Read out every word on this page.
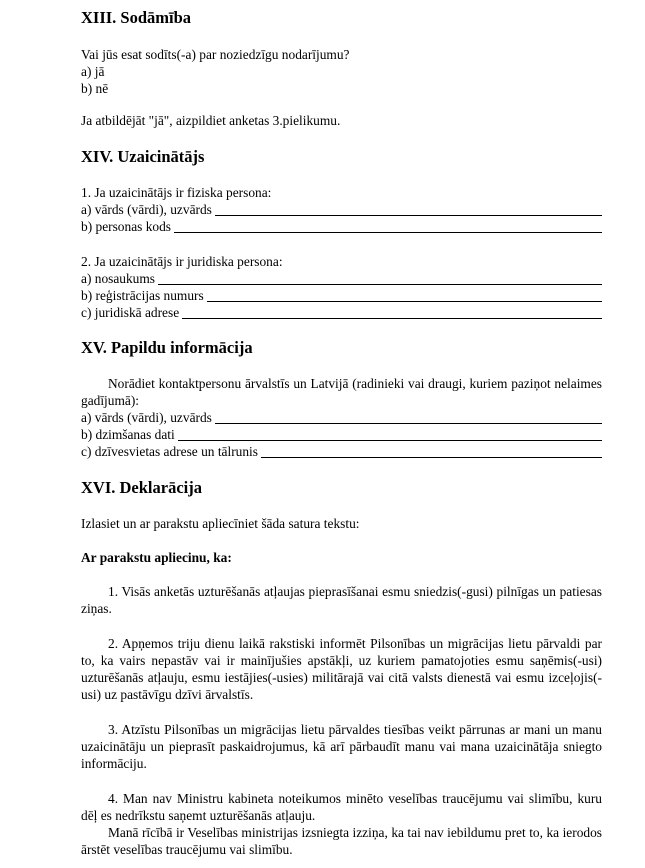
XIII. Sodāmība

Vai jūs esat sodīts(-a) par noziedzīgu nodarījumu?

a) jā

b) nē

Ja atbildējāt "jā", aizpildiet anketas 3.pielikumu.

XIV. Uzaicinātājs

1. Ja uzaicinātājs ir fiziska persona:

a) vārds (vārdi), uzvārds
b) personas kods

2. Ja uzaicinātājs ir juridiska persona:

a) nosaukums
b) reģistrācijas numurs
c) juridiskā adrese
XV. Papildu informācija

Norādiet kontaktpersonu ārvalstīs un Latvijā (radinieki vai draugi, kuriem paziņot nelaimes gadījumā):

a) vārds (vārdi), uzvārds
b) dzimšanas dati
c) dzīvesvietas adrese un tālrunis
XVI. Deklarācija

Izlasiet un ar parakstu apliecīniet šāda satura tekstu:

Ar parakstu apliecinu, ka:

1. Visās anketās uzturēšanās atļaujas pieprasīšanai esmu sniedzis(-gusi) pilnīgas un patiesas ziņas.

2. Apņemos triju dienu laikā rakstiski informēt Pilsonības un migrācijas lietu pārvaldi par to, ka vairs nepastāv vai ir mainījušies apstākļi, uz kuriem pamatojoties esmu saņēmis(-usi) uzturēšanās atļauju, esmu iestājies(-usies) militārajā vai citā valsts dienestā vai esmu izceļojis(-usi) uz pastāvīgu dzīvi ārvalstīs.

3. Atzīstu Pilsonības un migrācijas lietu pārvaldes tiesības veikt pārrunas ar mani un manu uzaicinātāju un pieprasīt paskaidrojumus, kā arī pārbaudīt manu vai mana uzaicinātāja sniegto informāciju.

4. Man nav Ministru kabineta noteikumos minēto veselības traucējumu vai slimību, kuru dēļ es nedrīkstu saņemt uzturēšanās atļauju.

Manā rīcībā ir Veselības ministrijas izsniegta izziņa, ka tai nav iebildumu pret to, ka ierodos ārstēt veselības traucējumu vai slimību.
